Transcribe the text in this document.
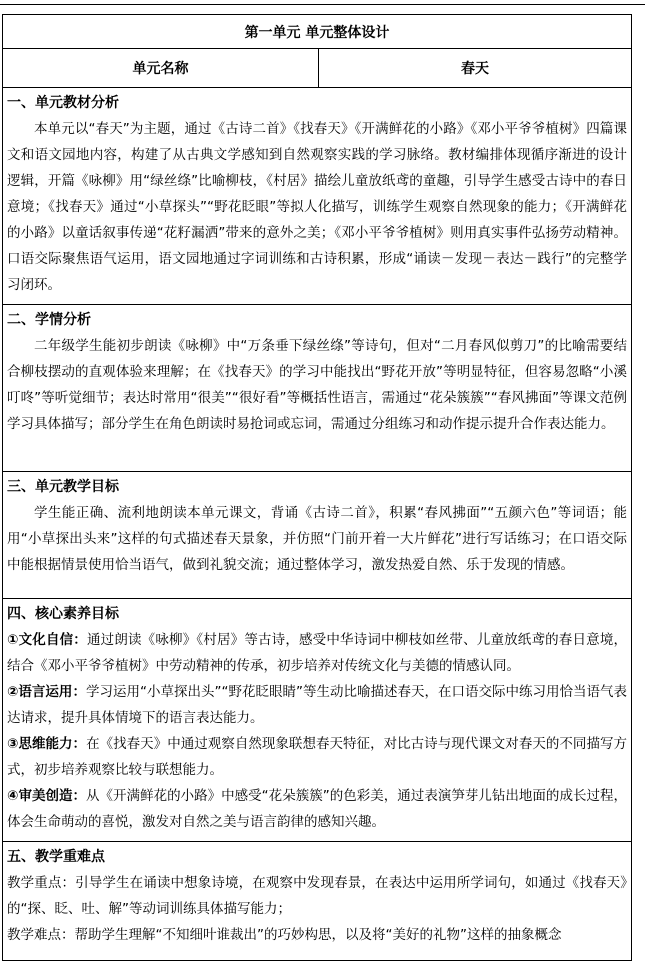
第一单元 单元整体设计
单元名称	春天

一、单元教材分析
本单元以“春天”为主题，通过《古诗二首》《找春天》《开满鲜花的小路》《邓小平爷爷植树》四篇课文和语文园地内容，构建了从古典文学感知到自然观察实践的学习脉络。教材编排体现循序渐进的设计逻辑，开篇《咏柳》用“绿丝绦”比喻柳枝，《村居》描绘儿童放纸鸢的童趣，引导学生感受古诗中的春日意境；《找春天》通过“小草探头”“野花眨眼”等拟人化描写，训练学生观察自然现象的能力；《开满鲜花的小路》以童话叙事传递“花籽漏洒”带来的意外之美；《邓小平爷爷植树》则用真实事件弘扬劳动精神。口语交际聚焦语气运用，语文园地通过字词训练和古诗积累，形成“诵读－发现－表达－践行”的完整学习闭环。

二、学情分析
二年级学生能初步朗读《咏柳》中“万条垂下绿丝绦”等诗句，但对“二月春风似剪刀”的比喻需要结合柳枝摆动的直观体验来理解；在《找春天》的学习中能找出“野花开放”等明显特征，但容易忽略“小溪叮咚”等听觉细节；表达时常用“很美”“很好看”等概括性语言，需通过“花朵簇簇”“春风拂面”等课文范例学习具体描写；部分学生在角色朗读时易抢词或忘词，需通过分组练习和动作提示提升合作表达能力。

三、单元教学目标
学生能正确、流利地朗读本单元课文，背诵《古诗二首》，积累“春风拂面”“五颜六色”等词语；能用“小草探出头来”这样的句式描述春天景象，并仿照“门前开着一大片鲜花”进行写话练习；在口语交际中能根据情景使用恰当语气，做到礼貌交流；通过整体学习，激发热爱自然、乐于发现的情感。

四、核心素养目标
①文化自信：通过朗读《咏柳》《村居》等古诗，感受中华诗词中柳枝如丝带、儿童放纸鸢的春日意境，结合《邓小平爷爷植树》中劳动精神的传承，初步培养对传统文化与美德的情感认同。
②语言运用：学习运用“小草探出头”“野花眨眼睛”等生动比喻描述春天，在口语交际中练习用恰当语气表达请求，提升具体情境下的语言表达能力。
③思维能力：在《找春天》中通过观察自然现象联想春天特征，对比古诗与现代课文对春天的不同描写方式，初步培养观察比较与联想能力。
④审美创造：从《开满鲜花的小路》中感受“花朵簇簇”的色彩美，通过表演笋芽儿钻出地面的成长过程，体会生命萌动的喜悦，激发对自然之美与语言韵律的感知兴趣。

五、教学重难点
教学重点：引导学生在诵读中想象诗境，在观察中发现春景，在表达中运用所学词句，如通过《找春天》的“探、眨、吐、解”等动词训练具体描写能力；
教学难点：帮助学生理解“不知细叶谁裁出”的巧妙构思，以及将“美好的礼物”这样的抽象概念
